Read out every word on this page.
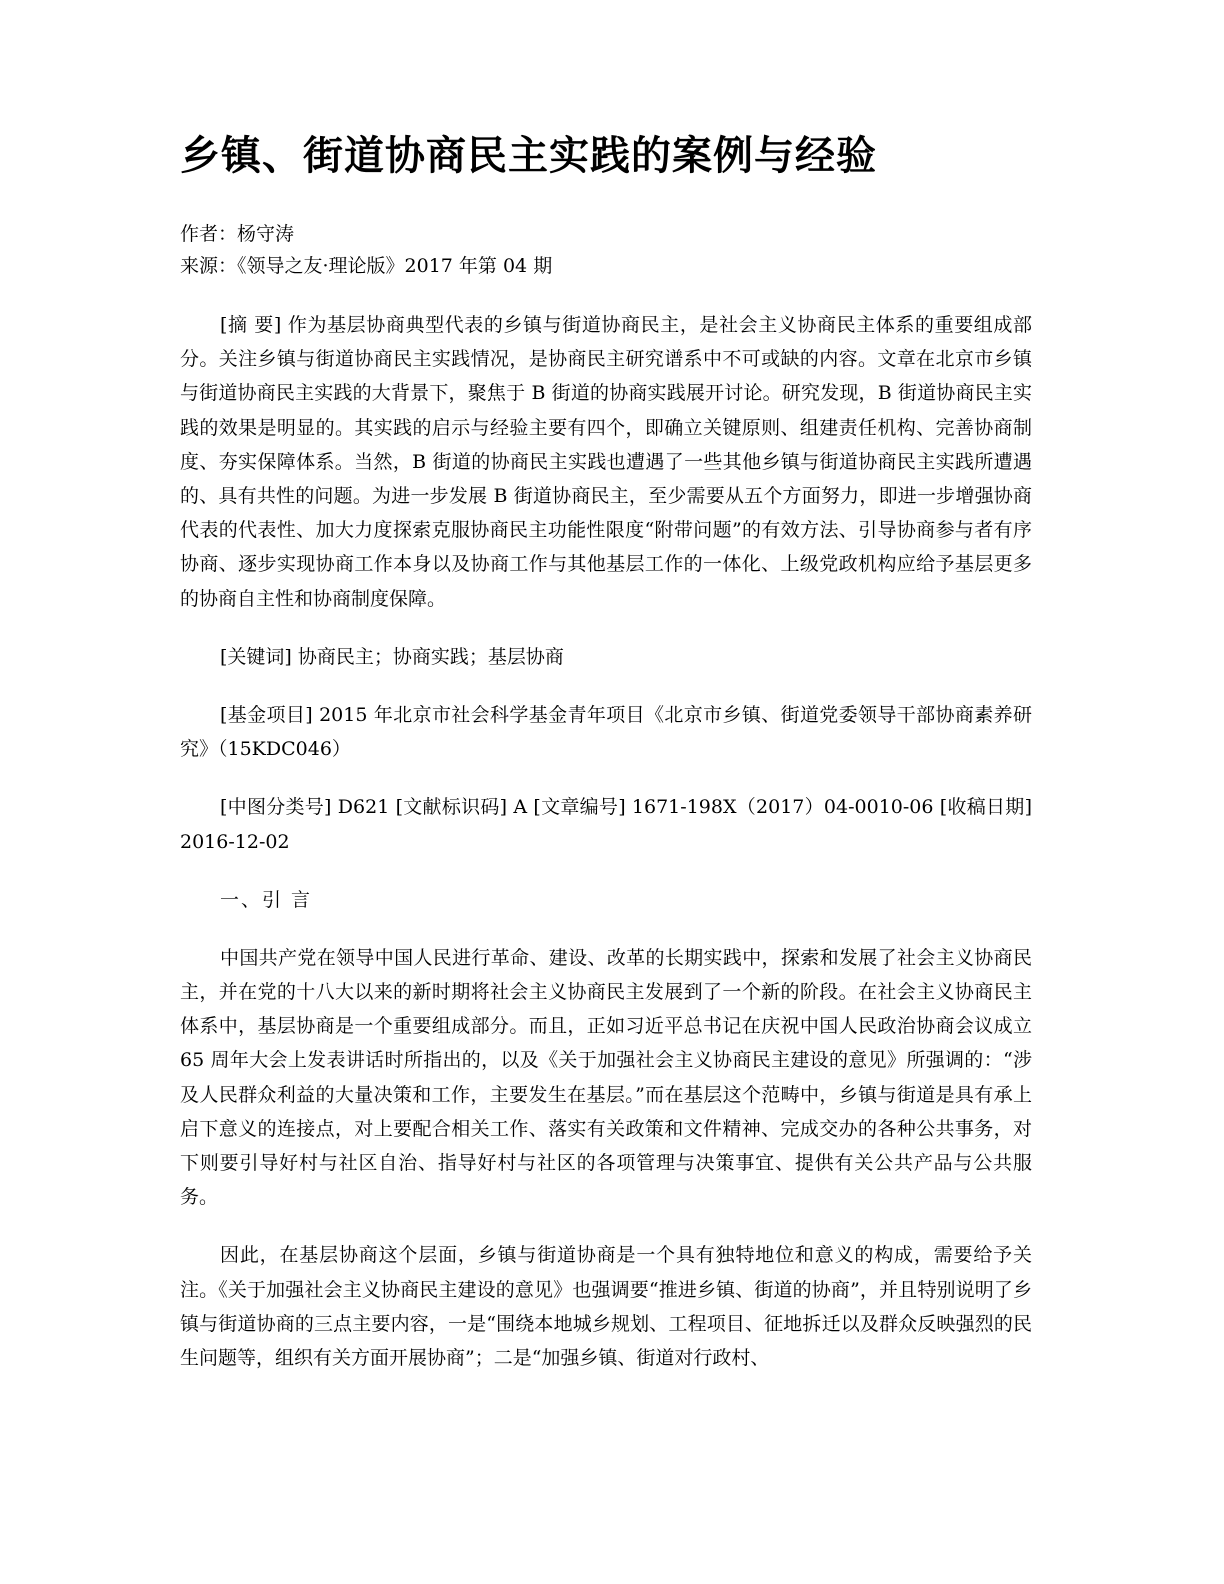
乡镇、街道协商民主实践的案例与经验
作者：杨守涛
来源：《领导之友·理论版》2017 年第 04 期

[摘 要] 作为基层协商典型代表的乡镇与街道协商民主，是社会主义协商民主体系的重要组成部分。关注乡镇与街道协商民主实践情况，是协商民主研究谱系中不可或缺的内容。文章在北京市乡镇与街道协商民主实践的大背景下，聚焦于 B 街道的协商实践展开讨论。研究发现，B 街道协商民主实践的效果是明显的。其实践的启示与经验主要有四个，即确立关键原则、组建责任机构、完善协商制度、夯实保障体系。当然，B 街道的协商民主实践也遭遇了一些其他乡镇与街道协商民主实践所遭遇的、具有共性的问题。为进一步发展 B 街道协商民主，至少需要从五个方面努力，即进一步增强协商代表的代表性、加大力度探索克服协商民主功能性限度“附带问题”的有效方法、引导协商参与者有序协商、逐步实现协商工作本身以及协商工作与其他基层工作的一体化、上级党政机构应给予基层更多的协商自主性和协商制度保障。

[关键词] 协商民主；协商实践；基层协商

[基金项目] 2015 年北京市社会科学基金青年项目《北京市乡镇、街道党委领导干部协商素养研究》（15KDC046）

[中图分类号] D621 [文献标识码] A [文章编号] 1671-198X（2017）04-0010-06 [收稿日期] 2016-12-02

一、引 言

中国共产党在领导中国人民进行革命、建设、改革的长期实践中，探索和发展了社会主义协商民主，并在党的十八大以来的新时期将社会主义协商民主发展到了一个新的阶段。在社会主义协商民主体系中，基层协商是一个重要组成部分。而且，正如习近平总书记在庆祝中国人民政治协商会议成立 65 周年大会上发表讲话时所指出的，以及《关于加强社会主义协商民主建设的意见》所强调的：“涉及人民群众利益的大量决策和工作，主要发生在基层。”而在基层这个范畴中，乡镇与街道是具有承上启下意义的连接点，对上要配合相关工作、落实有关政策和文件精神、完成交办的各种公共事务，对下则要引导好村与社区自治、指导好村与社区的各项管理与决策事宜、提供有关公共产品与公共服务。

因此，在基层协商这个层面，乡镇与街道协商是一个具有独特地位和意义的构成，需要给予关注。《关于加强社会主义协商民主建设的意见》也强调要“推进乡镇、街道的协商”，并且特别说明了乡镇与街道协商的三点主要内容，一是“围绕本地城乡规划、工程项目、征地拆迁以及群众反映强烈的民生问题等，组织有关方面开展协商”；二是“加强乡镇、街道对行政村、
